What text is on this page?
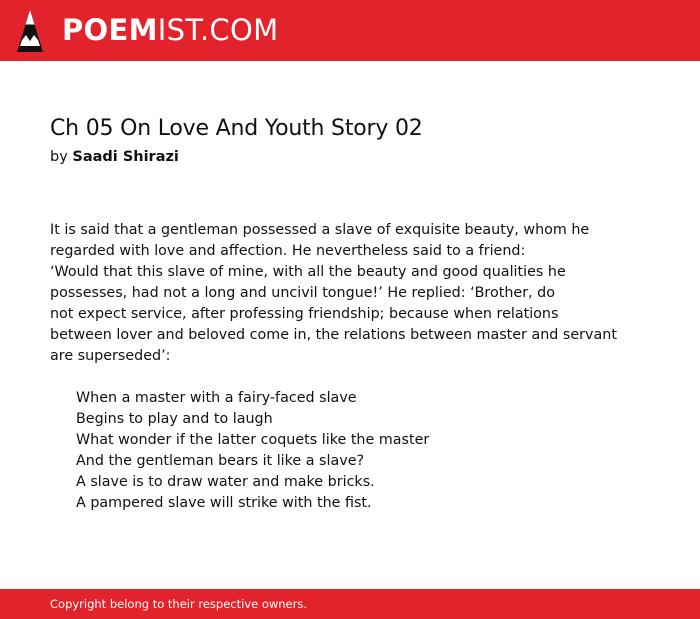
POEMIST.COM
Ch 05 On Love And Youth Story 02
by Saadi Shirazi
It is said that a gentleman possessed a slave of exquisite beauty, whom he
regarded with love and affection. He nevertheless said to a friend:
‘Would that this slave of mine, with all the beauty and good qualities he
possesses, had not a long and uncivil tongue!’ He replied: ‘Brother, do
not expect service, after professing friendship; because when relations
between lover and beloved come in, the relations between master and servant
are superseded’:
When a master with a fairy-faced slave
Begins to play and to laugh
What wonder if the latter coquets like the master
And the gentleman bears it like a slave?
A slave is to draw water and make bricks.
A pampered slave will strike with the fist.
Copyright belong to their respective owners.
